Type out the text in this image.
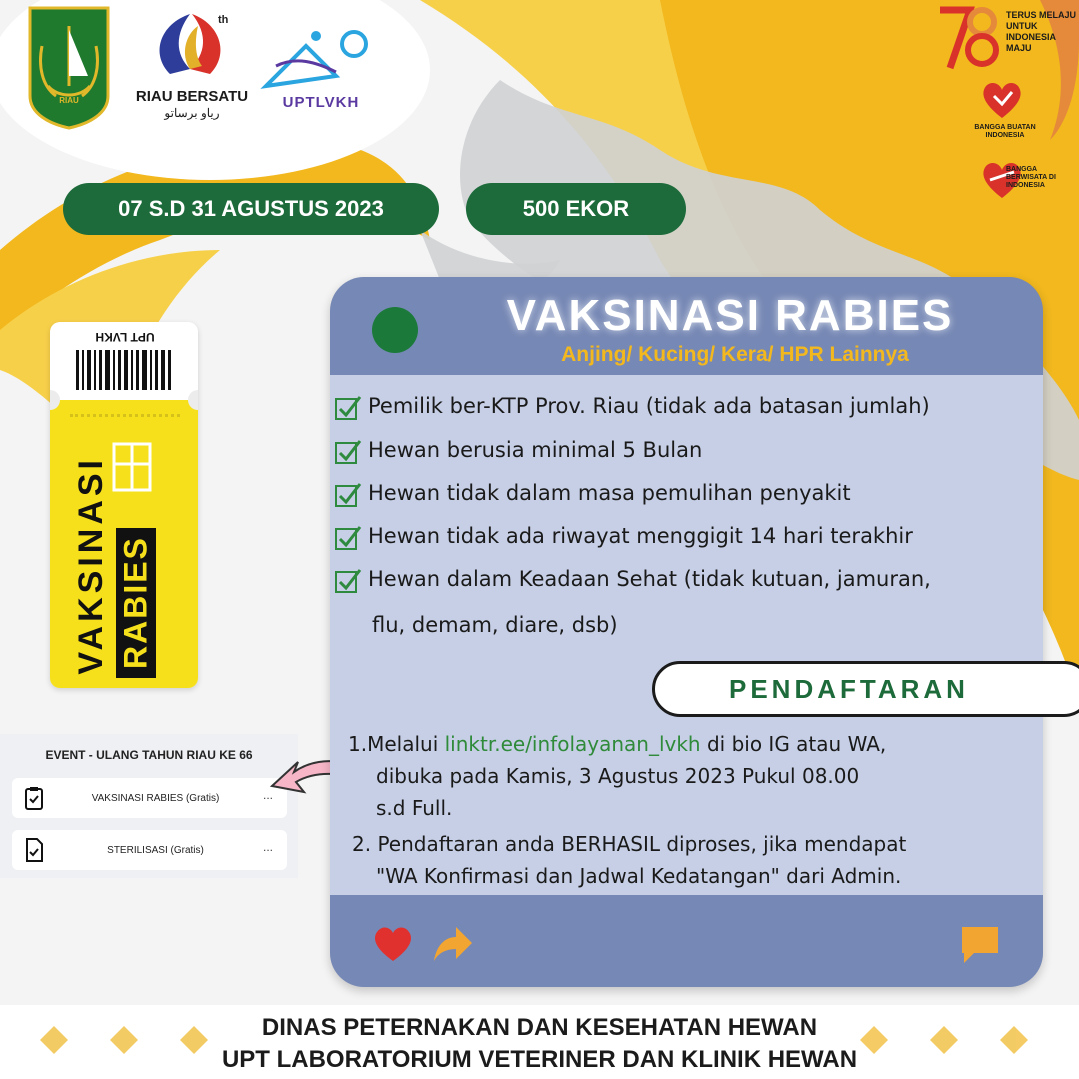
RIAU
th
RIAU BERSATU
رياو برساتو
UPTLVKH
TERUS MELAJU UNTUK INDONESIA MAJU
BANGGA BUATAN INDONESIA
BANGGA BERWISATA DI INDONESIA
07 S.D 31 AGUSTUS 2023	500 EKOR
UPT LVKH
VAKSINASI RABIES
EVENT - ULANG TAHUN RIAU KE 66
VAKSINASI RABIES (Gratis)	...
STERILISASI (Gratis)	...
VAKSINASI RABIES
Anjing/ Kucing/ Kera/ HPR Lainnya
Pemilik ber-KTP Prov. Riau (tidak ada batasan jumlah)
Hewan berusia minimal 5 Bulan
Hewan tidak dalam masa pemulihan penyakit
Hewan tidak ada riwayat menggigit 14 hari terakhir
Hewan dalam Keadaan Sehat (tidak kutuan, jamuran,
flu, demam, diare, dsb)
PENDAFTARAN
1.Melalui linktr.ee/infolayanan_lvkh di bio IG atau WA,
dibuka pada Kamis, 3 Agustus 2023 Pukul 08.00
s.d Full.
2. Pendaftaran anda BERHASIL diproses, jika mendapat
"WA Konfirmasi dan Jadwal Kedatangan" dari Admin.
DINAS PETERNAKAN DAN KESEHATAN HEWAN
UPT LABORATORIUM VETERINER DAN KLINIK HEWAN
